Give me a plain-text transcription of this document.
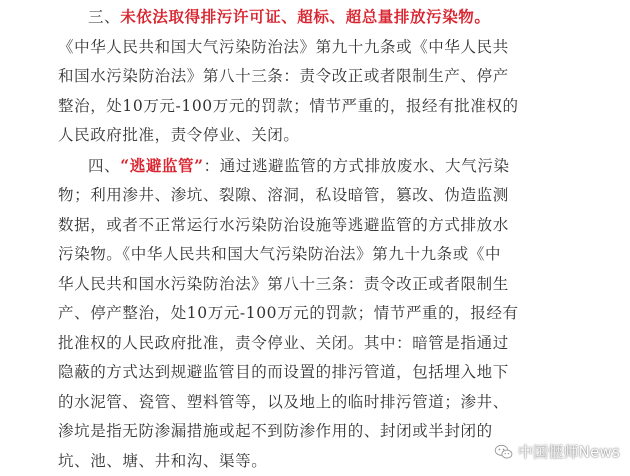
三、未依法取得排污许可证、超标、超总量排放污染物。

《中华人民共和国大气污染防治法》第九十九条或《中华人民共

和国水污染防治法》第八十三条：责令改正或者限制生产、停产

整治，处10万元-100万元的罚款；情节严重的，报经有批准权的

人民政府批准，责令停业、关闭。

四、“逃避监管”：通过逃避监管的方式排放废水、大气污染

物；利用渗井、渗坑、裂隙、溶洞，私设暗管，篡改、伪造监测

数据，或者不正常运行水污染防治设施等逃避监管的方式排放水

污染物。《中华人民共和国大气污染防治法》第九十九条或《中

华人民共和国水污染防治法》第八十三条：责令改正或者限制生

产、停产整治，处10万元-100万元的罚款；情节严重的，报经有

批准权的人民政府批准，责令停业、关闭。其中：暗管是指通过

隐蔽的方式达到规避监管目的而设置的排污管道，包括埋入地下

的水泥管、瓷管、塑料管等，以及地上的临时排污管道；渗井、

渗坑是指无防渗漏措施或起不到防渗作用的、封闭或半封闭的

坑、池、塘、井和沟、渠等。	中国惬师News
